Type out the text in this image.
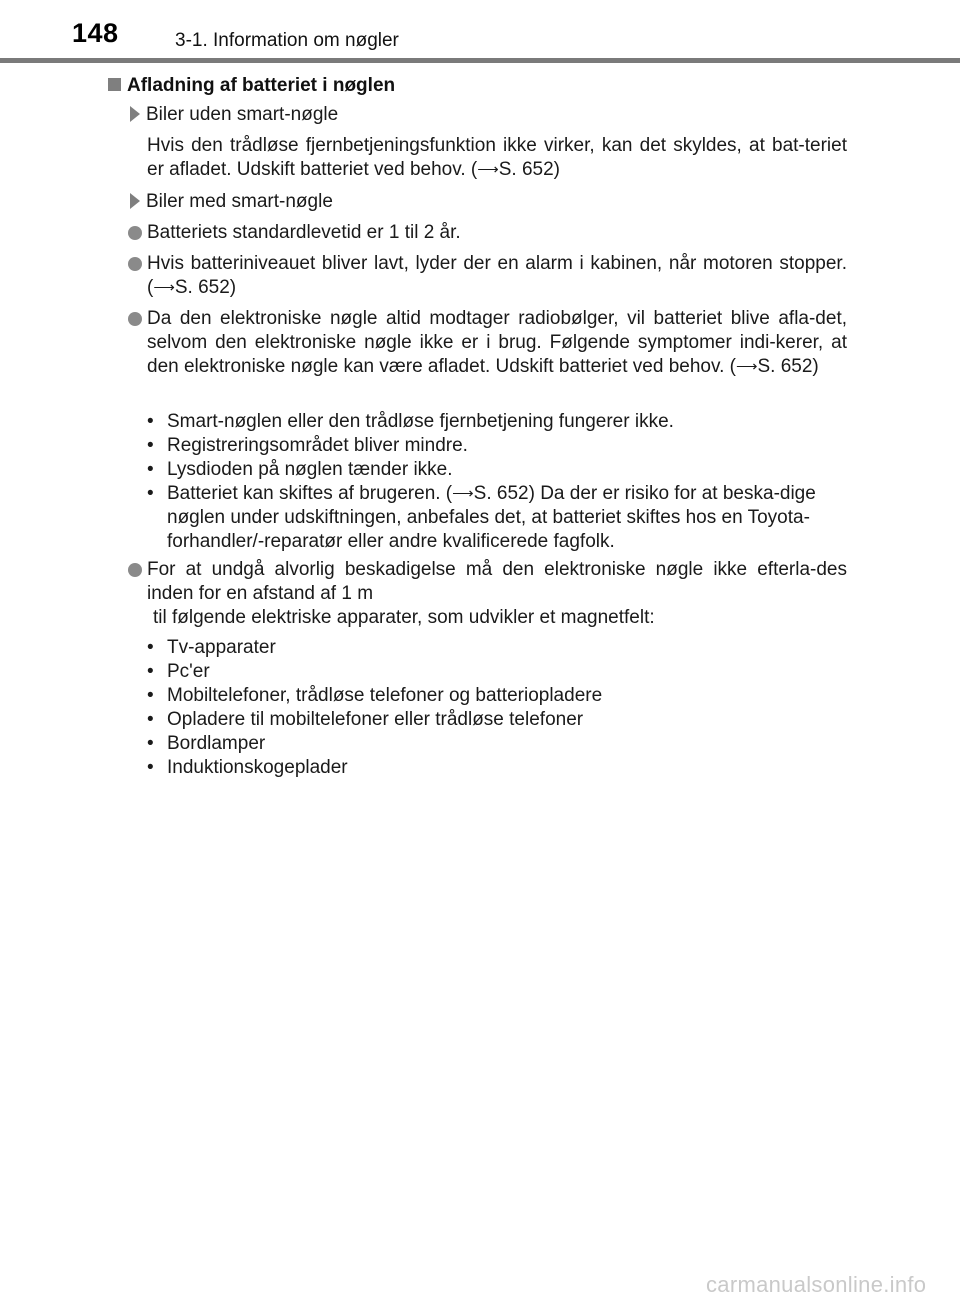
148	3-1. Information om nøgler
Afladning af batteriet i nøglen
Biler uden smart-nøgle
Hvis den trådløse fjernbetjeningsfunktion ikke virker, kan det skyldes, at bat-teriet er afladet. Udskift batteriet ved behov. (⟶S. 652)
Biler med smart-nøgle
Batteriets standardlevetid er 1 til 2 år.
Hvis batteriniveauet bliver lavt, lyder der en alarm i kabinen, når motoren stopper. (⟶S. 652)
Da den elektroniske nøgle altid modtager radiobølger, vil batteriet blive afla-det, selvom den elektroniske nøgle ikke er i brug. Følgende symptomer indi-kerer, at den elektroniske nøgle kan være afladet. Udskift batteriet ved behov. (⟶S. 652)
• Smart-nøglen eller den trådløse fjernbetjening fungerer ikke.
• Registreringsområdet bliver mindre.
• Lysdioden på nøglen tænder ikke.
• Batteriet kan skiftes af brugeren. (⟶S. 652) Da der er risiko for at beska-dige nøglen under udskiftningen, anbefales det, at batteriet skiftes hos en Toyota-forhandler/-reparatør eller andre kvalificerede fagfolk.
For at undgå alvorlig beskadigelse må den elektroniske nøgle ikke efterla-des inden for en afstand af 1 m
til følgende elektriske apparater, som udvikler et magnetfelt:
• Tv-apparater
• Pc'er
• Mobiltelefoner, trådløse telefoner og batteriopladere
• Opladere til mobiltelefoner eller trådløse telefoner
• Bordlamper
• Induktionskogeplader
carmanualsonline.info
